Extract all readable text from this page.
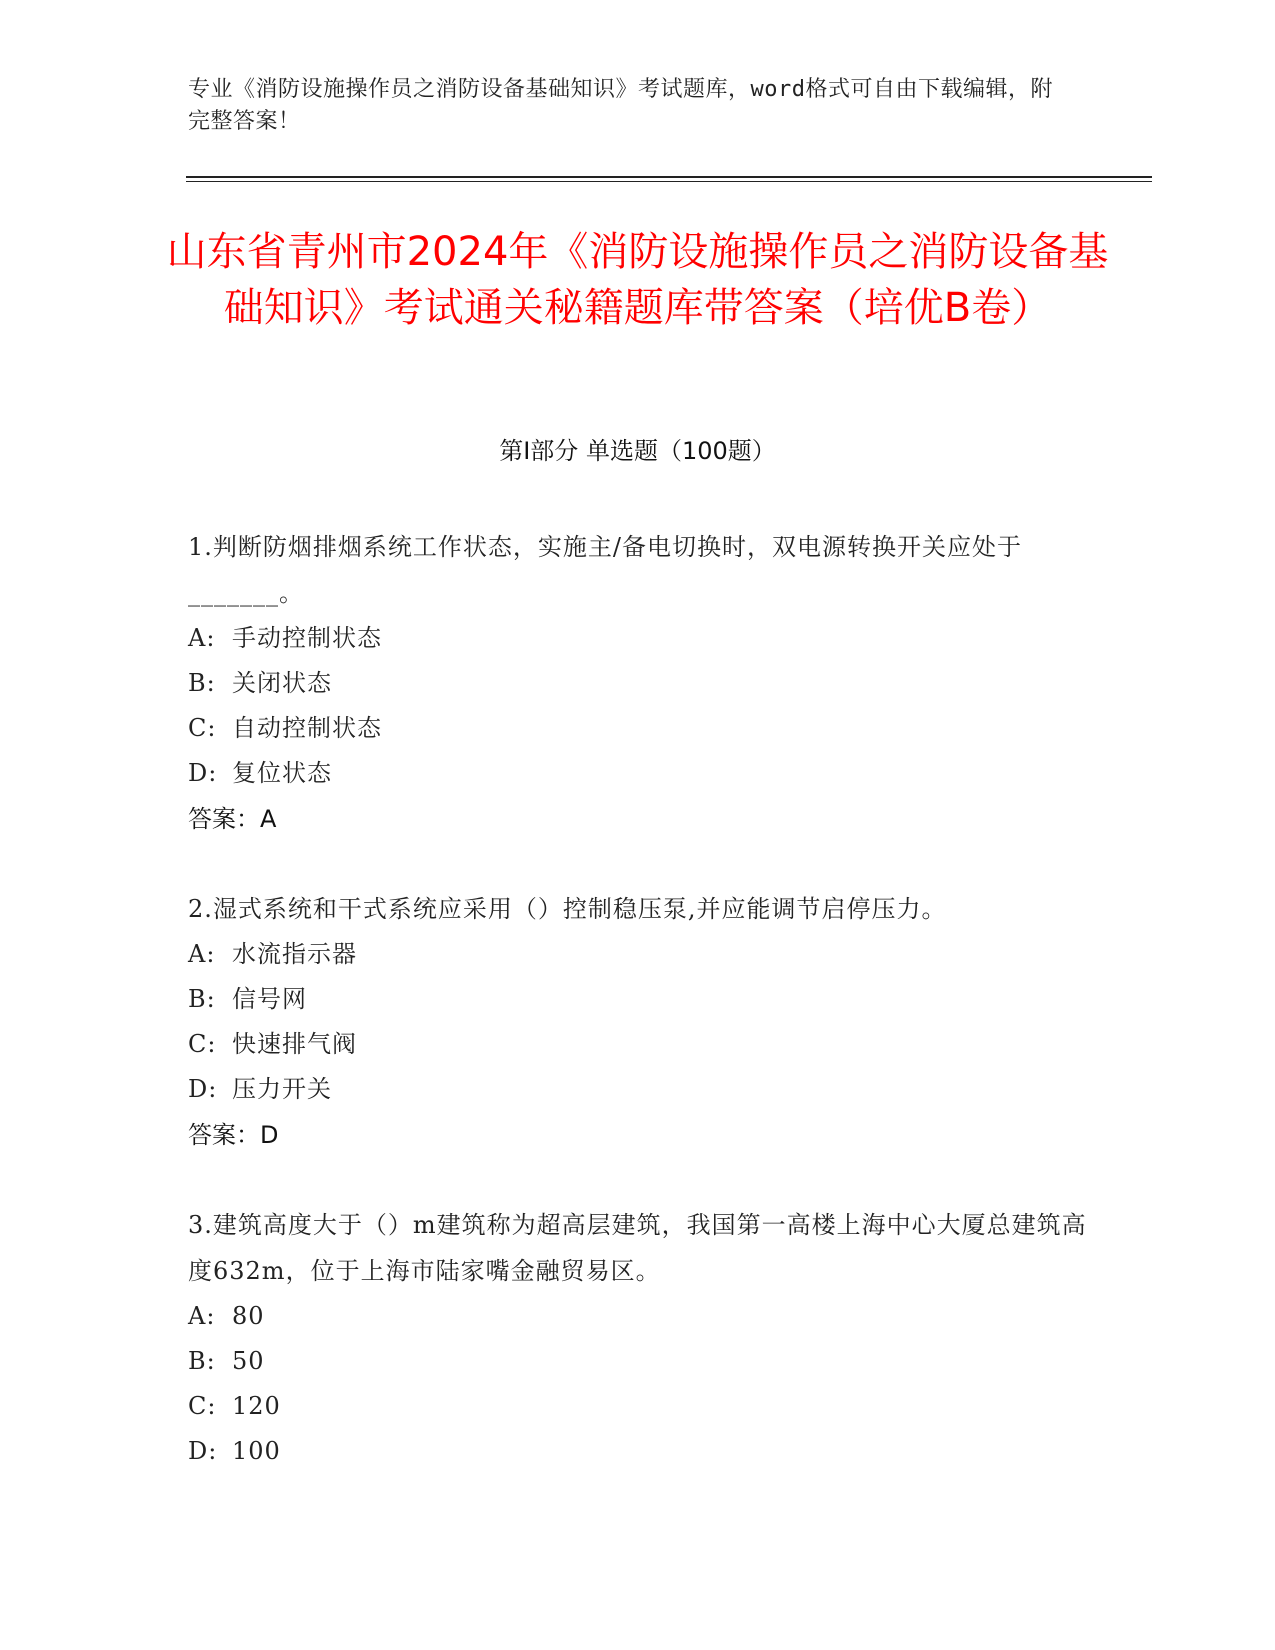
专业《消防设施操作员之消防设备基础知识》考试题库，word格式可自由下载编辑，附完整答案！
山东省青州市2024年《消防设施操作员之消防设备基础知识》考试通关秘籍题库带答案（培优B卷）
第Ⅰ部分 单选题（100题）
1.判断防烟排烟系统工作状态，实施主/备电切换时，双电源转换开关应处于_______。
A: 手动控制状态
B: 关闭状态
C: 自动控制状态
D: 复位状态
答案：A
2.湿式系统和干式系统应采用（）控制稳压泵,并应能调节启停压力。
A: 水流指示器
B: 信号网
C: 快速排气阀
D: 压力开关
答案：D
3.建筑高度大于（）m建筑称为超高层建筑，我国第一高楼上海中心大厦总建筑高度632m，位于上海市陆家嘴金融贸易区。
A: 80
B: 50
C: 120
D: 100
